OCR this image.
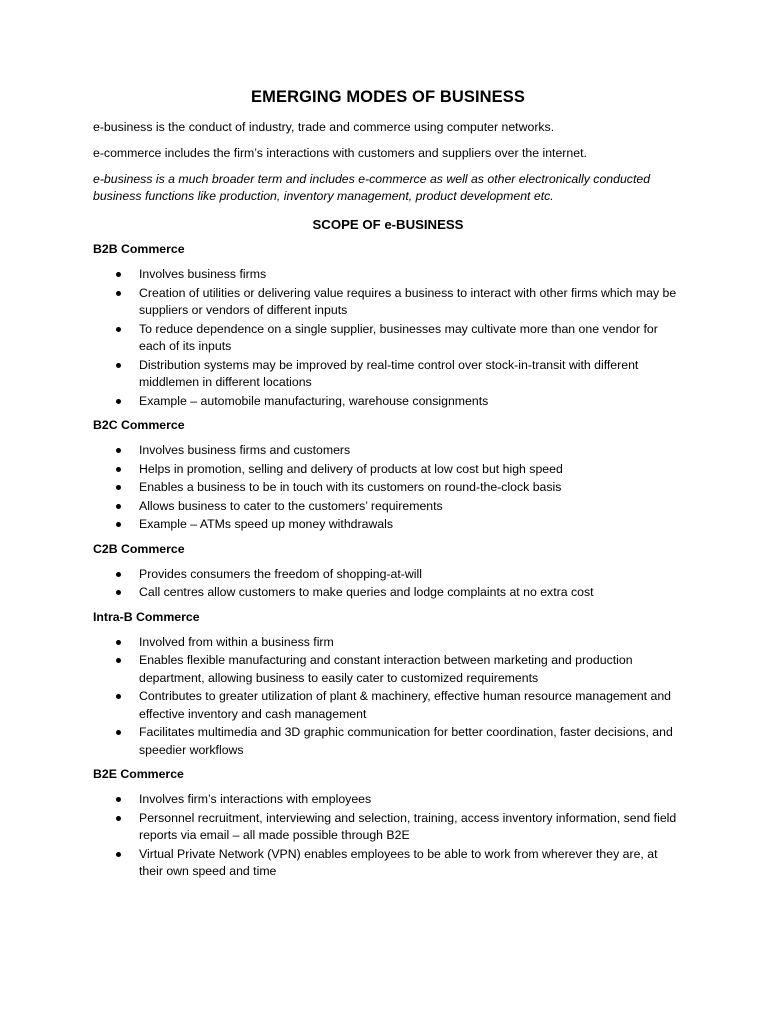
EMERGING MODES OF BUSINESS

e-business is the conduct of industry, trade and commerce using computer networks.

e-commerce includes the firm’s interactions with customers and suppliers over the internet.

e-business is a much broader term and includes e-commerce as well as other electronically conducted business functions like production, inventory management, product development etc.

SCOPE OF e-BUSINESS
B2B Commerce
Involves business firms
Creation of utilities or delivering value requires a business to interact with other firms which may be suppliers or vendors of different inputs
To reduce dependence on a single supplier, businesses may cultivate more than one vendor for each of its inputs
Distribution systems may be improved by real-time control over stock-in-transit with different middlemen in different locations
Example – automobile manufacturing, warehouse consignments
B2C Commerce
Involves business firms and customers
Helps in promotion, selling and delivery of products at low cost but high speed
Enables a business to be in touch with its customers on round-the-clock basis
Allows business to cater to the customers’ requirements
Example – ATMs speed up money withdrawals
C2B Commerce
Provides consumers the freedom of shopping-at-will
Call centres allow customers to make queries and lodge complaints at no extra cost
Intra-B Commerce
Involved from within a business firm
Enables flexible manufacturing and constant interaction between marketing and production department, allowing business to easily cater to customized requirements
Contributes to greater utilization of plant & machinery, effective human resource management and effective inventory and cash management
Facilitates multimedia and 3D graphic communication for better coordination, faster decisions, and speedier workflows
B2E Commerce
Involves firm’s interactions with employees
Personnel recruitment, interviewing and selection, training, access inventory information, send field reports via email – all made possible through B2E
Virtual Private Network (VPN) enables employees to be able to work from wherever they are, at their own speed and time
